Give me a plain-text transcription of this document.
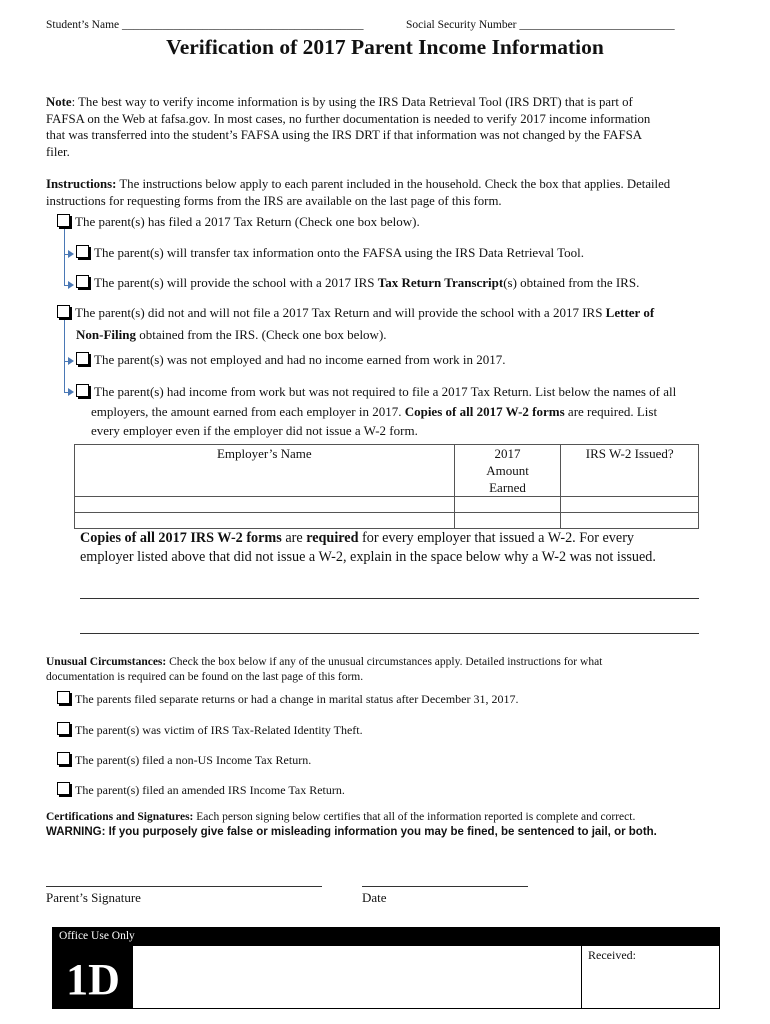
Student’s Name __________________________________________	Social Security Number ___________________________
Verification of 2017 Parent Income Information
Note: The best way to verify income information is by using the IRS Data Retrieval Tool (IRS DRT) that is part of
FAFSA on the Web at fafsa.gov. In most cases, no further documentation is needed to verify 2017 income information
that was transferred into the student’s FAFSA using the IRS DRT if that information was not changed by the FAFSA
filer.
Instructions: The instructions below apply to each parent included in the household. Check the box that applies. Detailed
instructions for requesting forms from the IRS are available on the last page of this form.
The parent(s) has filed a 2017 Tax Return (Check one box below).
The parent(s) will transfer tax information onto the FAFSA using the IRS Data Retrieval Tool.
The parent(s) will provide the school with a 2017 IRS Tax Return Transcript(s) obtained from the IRS.
The parent(s) did not and will not file a 2017 Tax Return and will provide the school with a 2017 IRS Letter of
Non-Filing obtained from the IRS. (Check one box below).
The parent(s) was not employed and had no income earned from work in 2017.
The parent(s) had income from work but was not required to file a 2017 Tax Return. List below the names of all
employers, the amount earned from each employer in 2017. Copies of all 2017 W-2 forms are required. List
every employer even if the employer did not issue a W-2 form.
Employer’s Name	2017
Amount
Earned	IRS W-2 Issued?

Copies of all 2017 IRS W-2 forms are required for every employer that issued a W-2. For every
employer listed above that did not issue a W-2, explain in the space below why a W-2 was not issued.
Unusual Circumstances: Check the box below if any of the unusual circumstances apply. Detailed instructions for what
documentation is required can be found on the last page of this form.
The parents filed separate returns or had a change in marital status after December 31, 2017.
The parent(s) was victim of IRS Tax-Related Identity Theft.
The parent(s) filed a non-US Income Tax Return.
The parent(s) filed an amended IRS Income Tax Return.
Certifications and Signatures: Each person signing below certifies that all of the information reported is complete and correct.
WARNING: If you purposely give false or misleading information you may be fined, be sentenced to jail, or both.
Parent’s Signature	Date
Office Use Only
1D	Received:
